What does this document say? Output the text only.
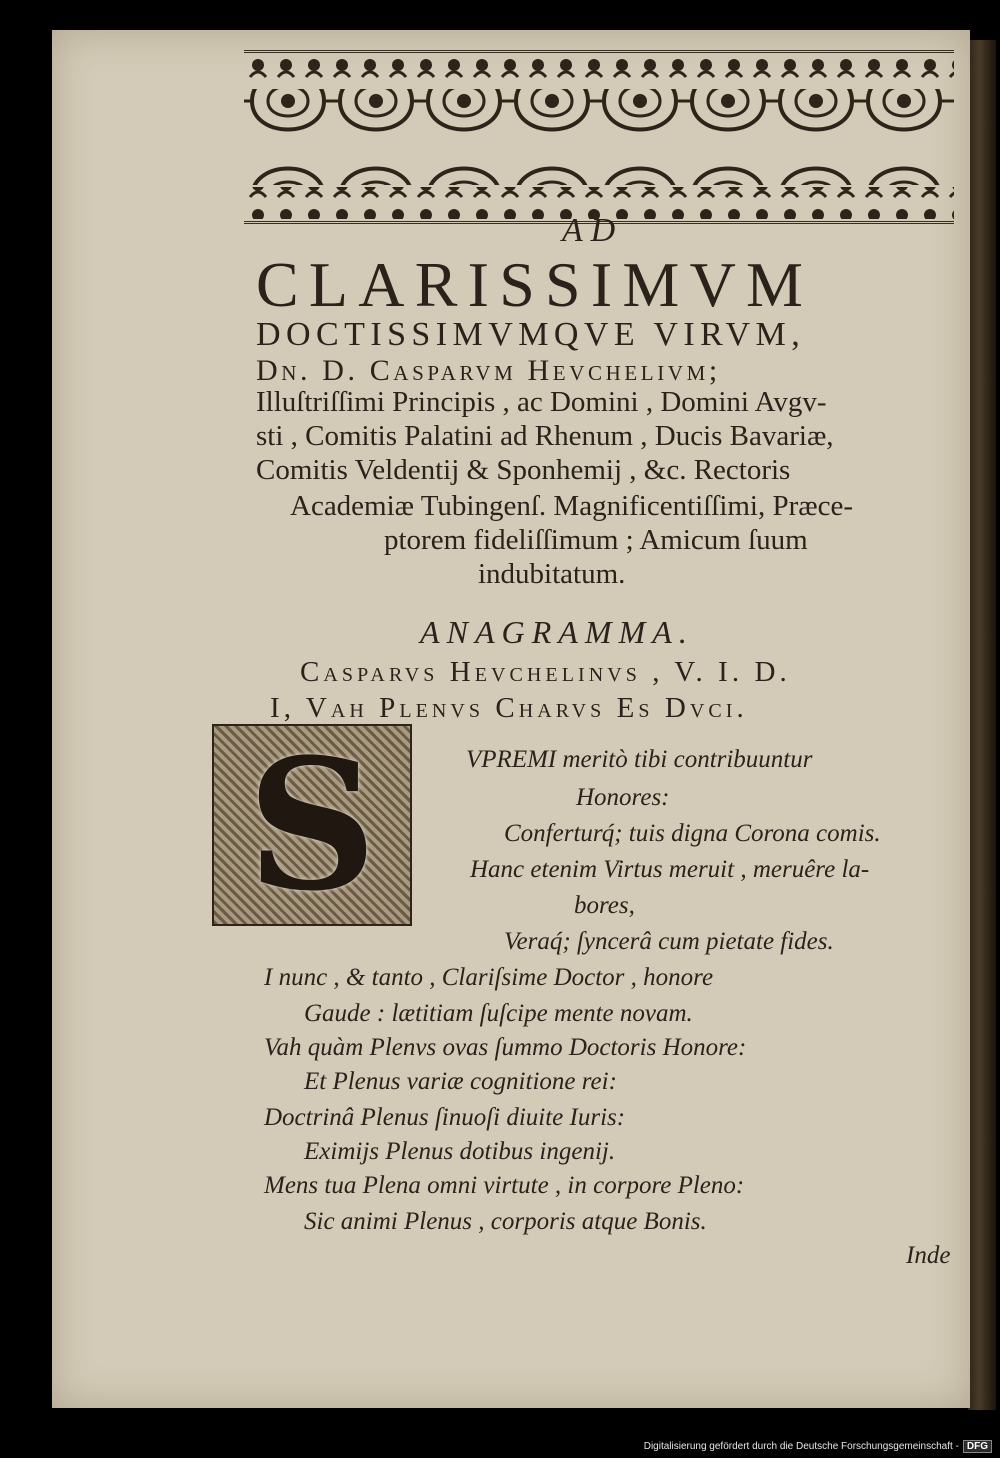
A D
CLARISSIMVM
DOCTISSIMVMQVE VIRVM,
Dn. D. Casparvm Hevchelivm;
Illuſtriſſimi Principis , ac Domini , Domini Avgv-
sti , Comitis Palatini ad Rhenum , Ducis Bavariæ,
Comitis Veldentij & Sponhemij , &c. Rectoris
Academiæ Tubingenſ. Magnificentiſſimi, Præce-
ptorem fideliſſimum ; Amicum ſuum
indubitatum.
ANAGRAMMA.
Casparvs Hevchelinvs , V. I. D.
I, Vah Plenvs Charvs Es Dvci.
S	VPREMI meritò tibi contribuuntur
Honores:
Conferturq́; tuis digna Corona comis.
Hanc etenim Virtus meruit , meruêre la-
bores,
Veraq́; ſyncerâ cum pietate fides.
I nunc , & tanto , Clariſsime Doctor , honore
Gaude : lætitiam ſuſcipe mente novam.
Vah quàm Plenvs ovas ſummo Doctoris Honore:
Et Plenus variæ cognitione rei:
Doctrinâ Plenus ſinuoſi diuite Iuris:
Eximijs Plenus dotibus ingenij.
Mens tua Plena omni virtute , in corpore Pleno:
Sic animi Plenus , corporis atque Bonis.
Inde
Digitalisierung gefördert durch die Deutsche Forschungsgemeinschaft - DFG
